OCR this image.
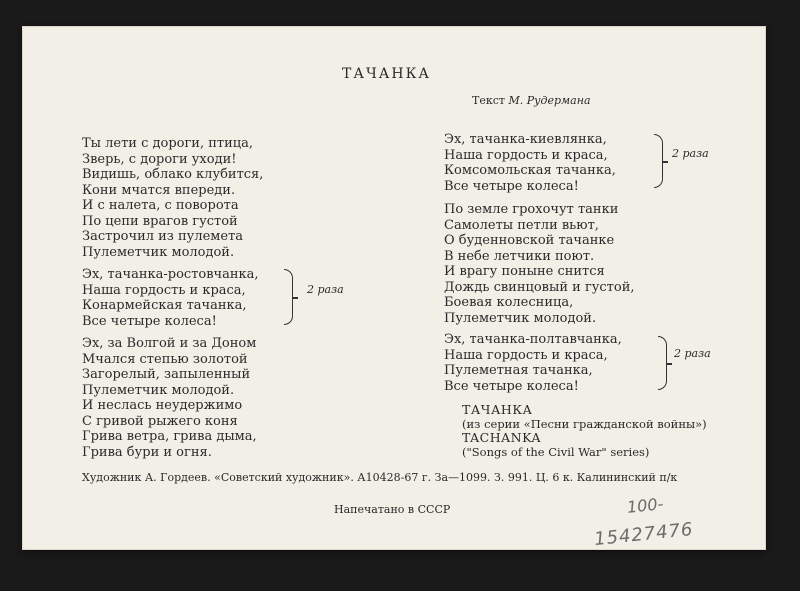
ТАЧАНКА
Текст М. Рудермана
Ты лети с дороги, птица,
Зверь, с дороги уходи!
Видишь, облако клубится,
Кони мчатся впереди.
И с налета, с поворота
По цепи врагов густой
Застрочил из пулемета
Пулеметчик молодой.
Эх, тачанка-ростовчанка,
Наша гордость и краса,
Конармейская тачанка,
Все четыре колеса!
2 раза
Эх, за Волгой и за Доном
Мчался степью золотой
Загорелый, запыленный
Пулеметчик молодой.
И неслась неудержимо
С гривой рыжего коня
Грива ветра, грива дыма,
Грива бури и огня.
Эх, тачанка-киевлянка,
Наша гордость и краса,
Комсомольская тачанка,
Все четыре колеса!
2 раза
По земле грохочут танки
Самолеты петли вьют,
О буденновской тачанке
В небе летчики поют.
И врагу поныне снится
Дождь свинцовый и густой,
Боевая колесница,
Пулеметчик молодой.
Эх, тачанка-полтавчанка,
Наша гордость и краса,
Пулеметная тачанка,
Все четыре колеса!
2 раза
ТАЧАНКА
(из серии «Песни гражданской войны»)
TACHANKA
("Songs of the Civil War" series)
Художник А. Гордеев. «Советский художник». А10428-67 г. За—1099. З. 991. Ц. 6 к. Калининский п/к
Напечатано в СССР	100-
15427476
